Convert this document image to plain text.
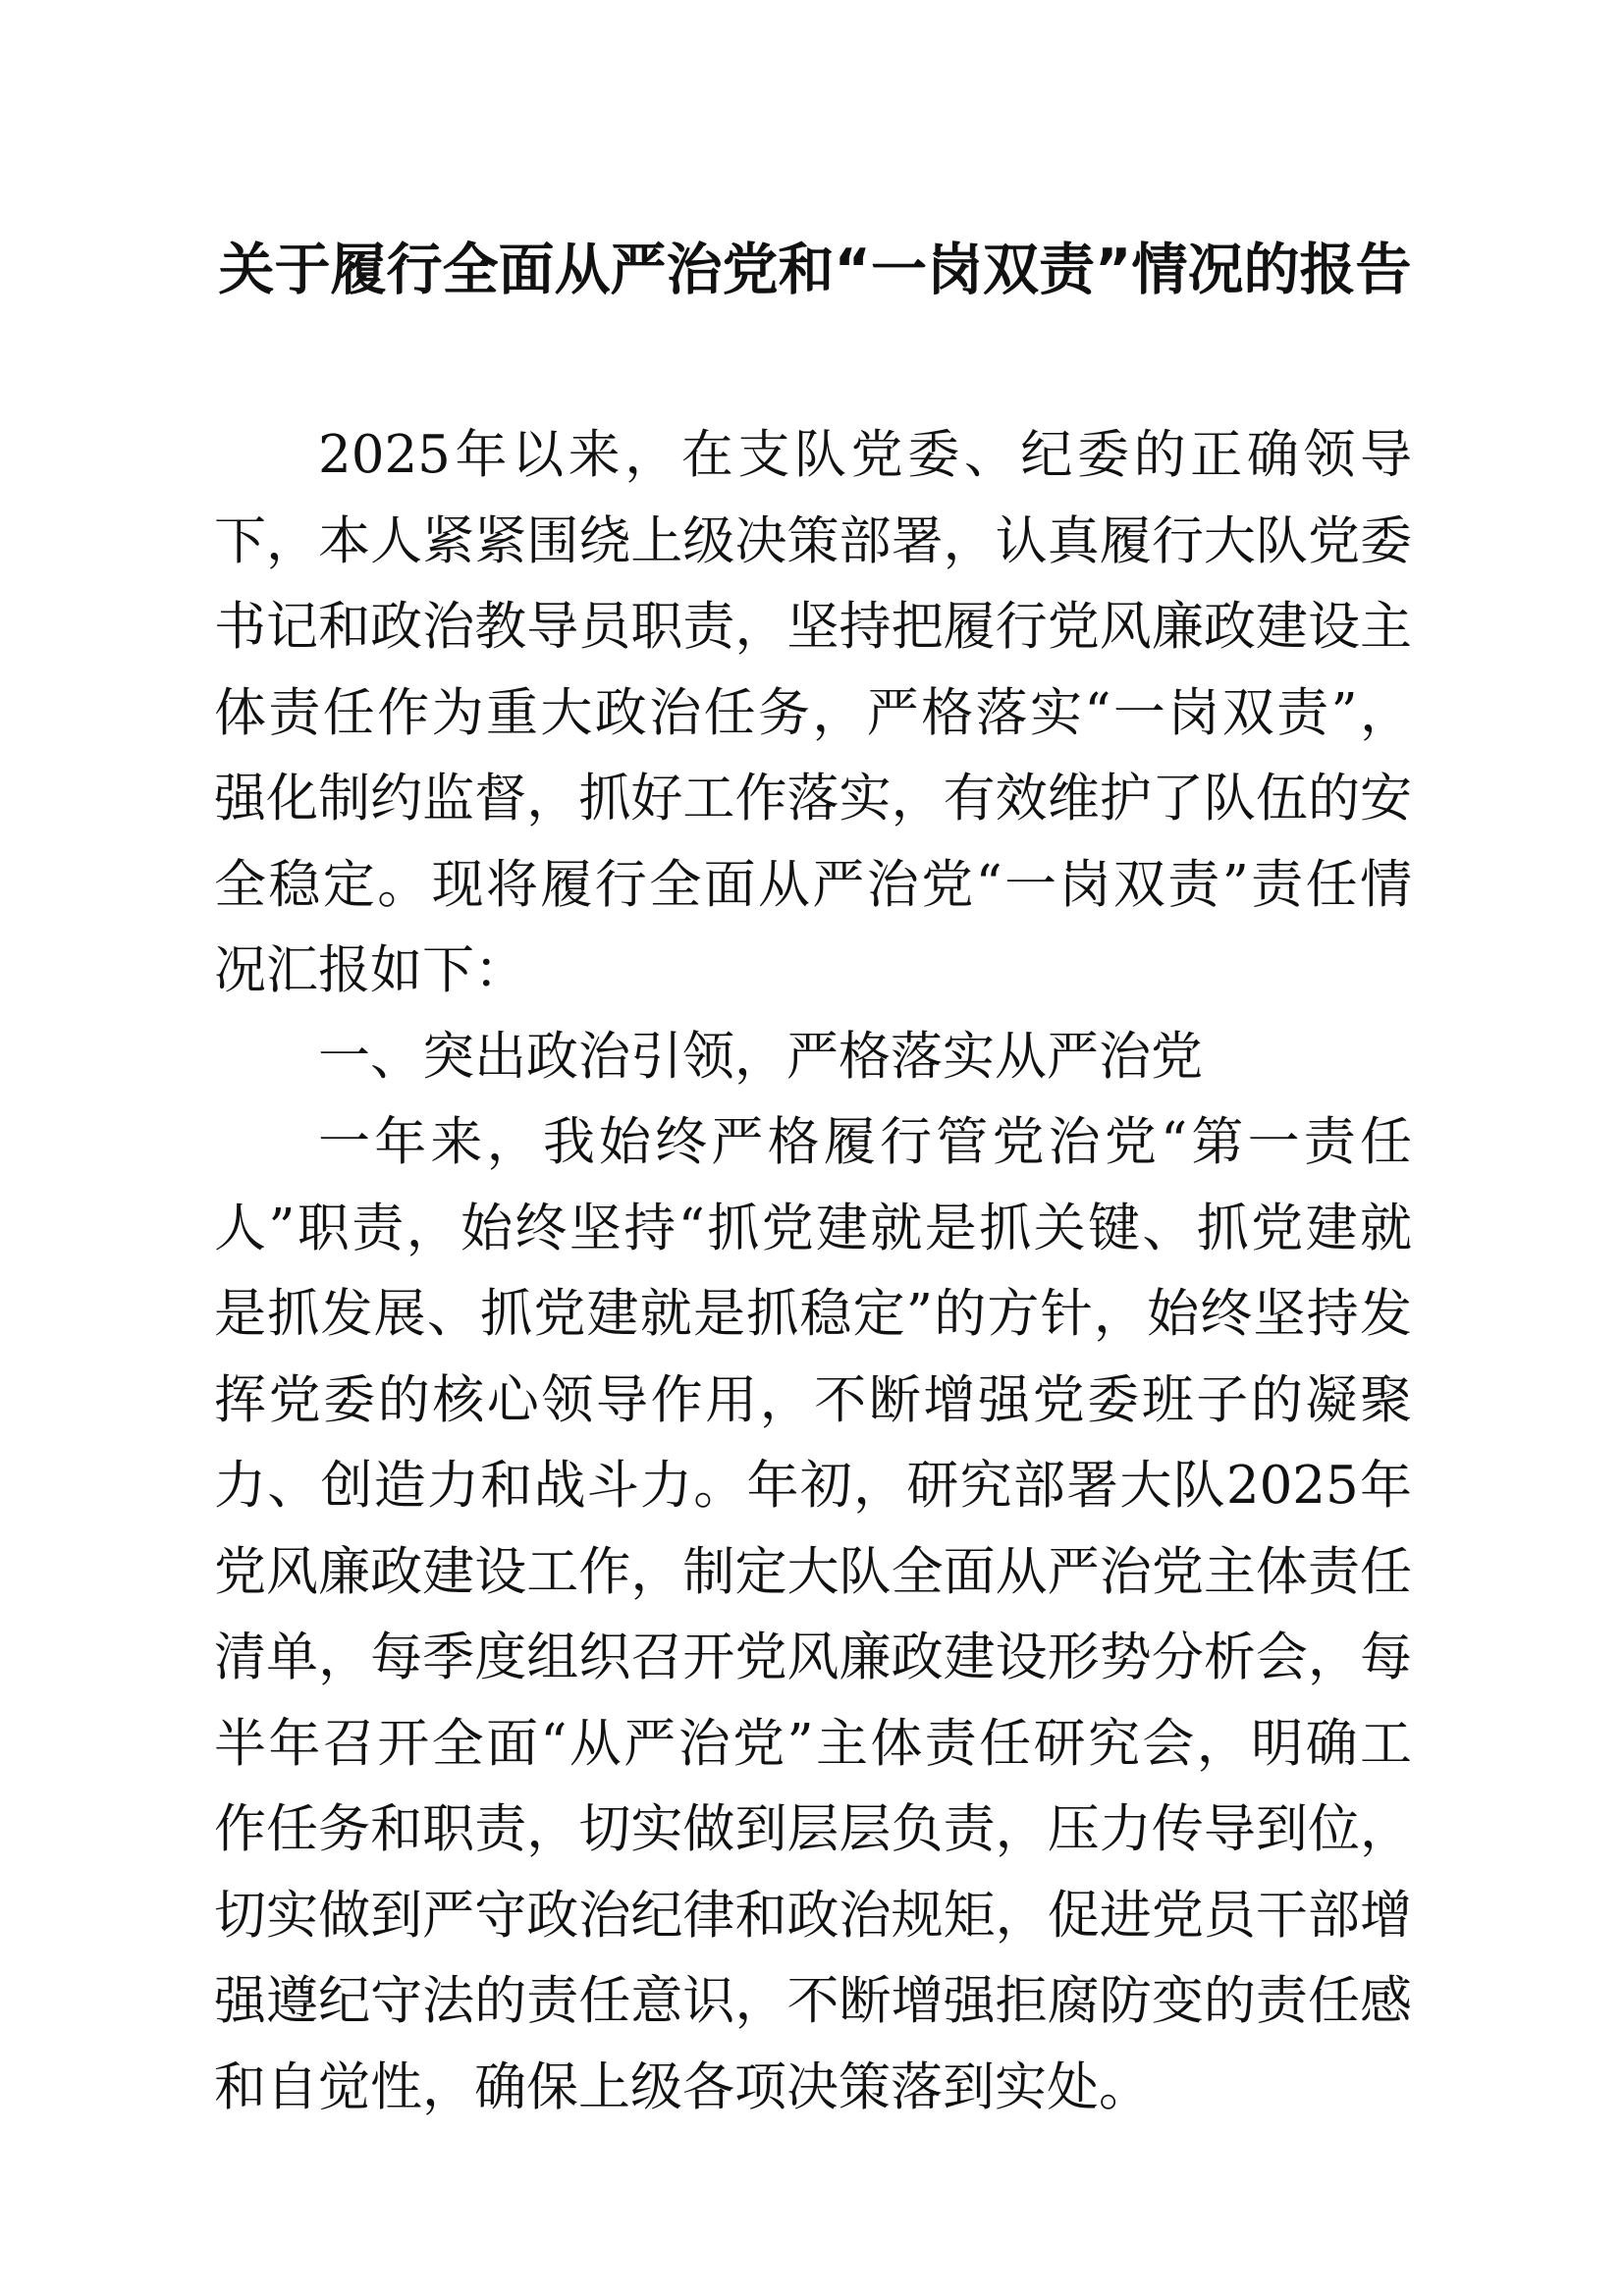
关于履行全面从严治党和“一岗双责”情况的报告

2025年以来，在支队党委、纪委的正确领导下，本人紧紧围绕上级决策部署，认真履行大队党委书记和政治教导员职责，坚持把履行党风廉政建设主体责任作为重大政治任务，严格落实“一岗双责”，强化制约监督，抓好工作落实，有效维护了队伍的安全稳定。现将履行全面从严治党“一岗双责”责任情况汇报如下：

一、突出政治引领，严格落实从严治党

一年来，我始终严格履行管党治党“第一责任人”职责，始终坚持“抓党建就是抓关键、抓党建就是抓发展、抓党建就是抓稳定”的方针，始终坚持发挥党委的核心领导作用，不断增强党委班子的凝聚力、创造力和战斗力。年初，研究部署大队2025年党风廉政建设工作，制定大队全面从严治党主体责任清单，每季度组织召开党风廉政建设形势分析会，每半年召开全面“从严治党”主体责任研究会，明确工作任务和职责，切实做到层层负责，压力传导到位，切实做到严守政治纪律和政治规矩，促进党员干部增强遵纪守法的责任意识，不断增强拒腐防变的责任感和自觉性，确保上级各项决策落到实处。
